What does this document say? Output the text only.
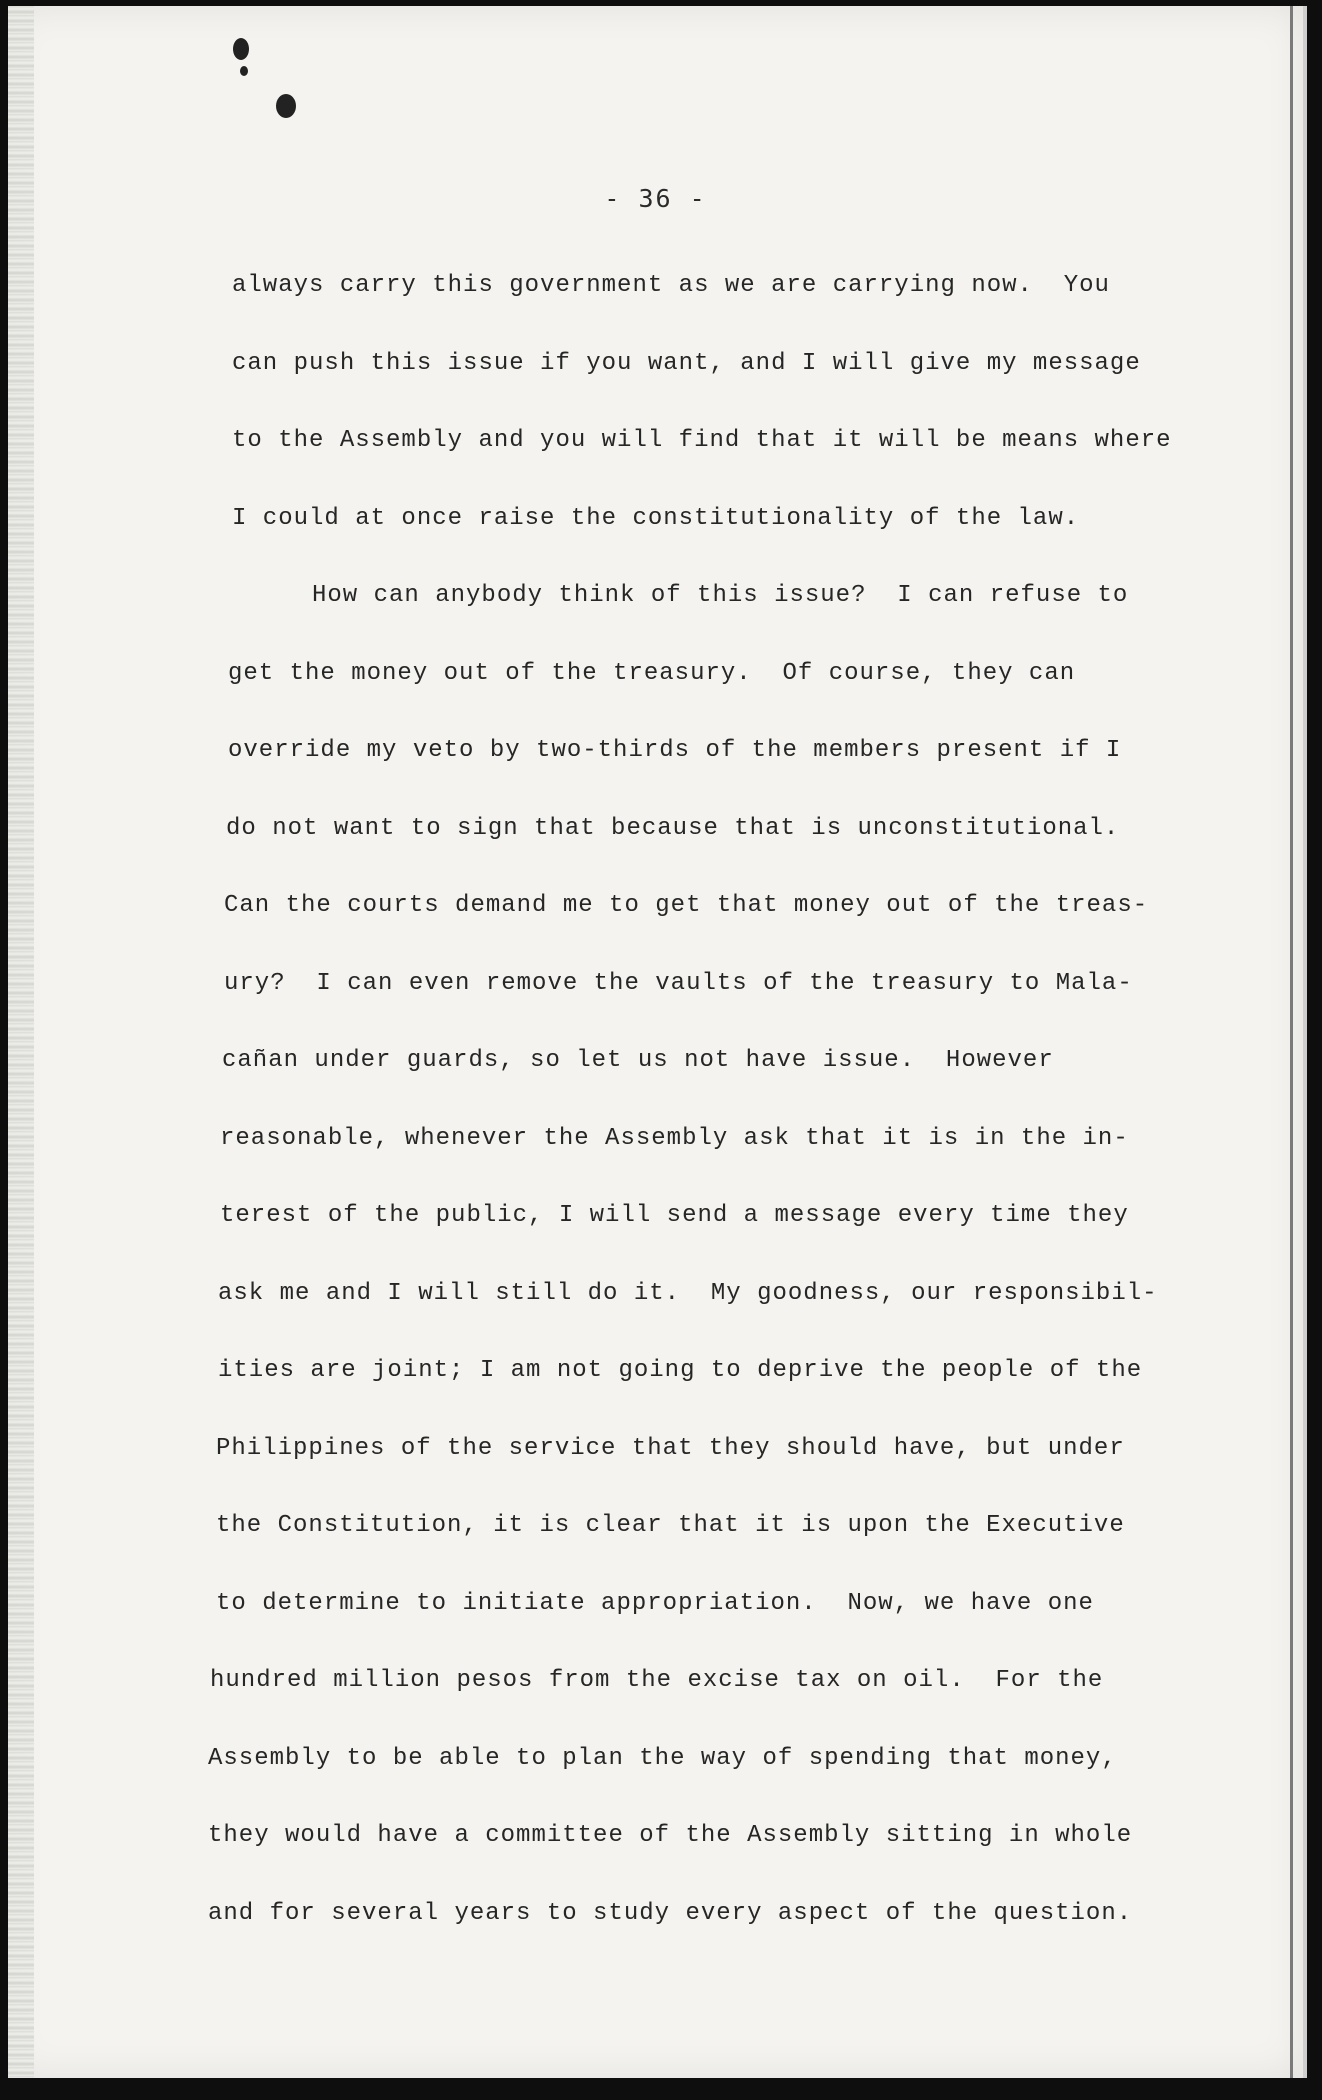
- 36 -
always carry this government as we are carrying now.  You
can push this issue if you want, and I will give my message
to the Assembly and you will find that it will be means where
I could at once raise the constitutionality of the law.
How can anybody think of this issue?  I can refuse to
get the money out of the treasury.  Of course, they can
override my veto by two-thirds of the members present if I
do not want to sign that because that is unconstitutional.
Can the courts demand me to get that money out of the treas-
ury?  I can even remove the vaults of the treasury to Mala-
cañan under guards, so let us not have issue.  However
reasonable, whenever the Assembly ask that it is in the in-
terest of the public, I will send a message every time they
ask me and I will still do it.  My goodness, our responsibil-
ities are joint; I am not going to deprive the people of the
Philippines of the service that they should have, but under
the Constitution, it is clear that it is upon the Executive
to determine to initiate appropriation.  Now, we have one
hundred million pesos from the excise tax on oil.  For the
Assembly to be able to plan the way of spending that money,
they would have a committee of the Assembly sitting in whole
and for several years to study every aspect of the question.
